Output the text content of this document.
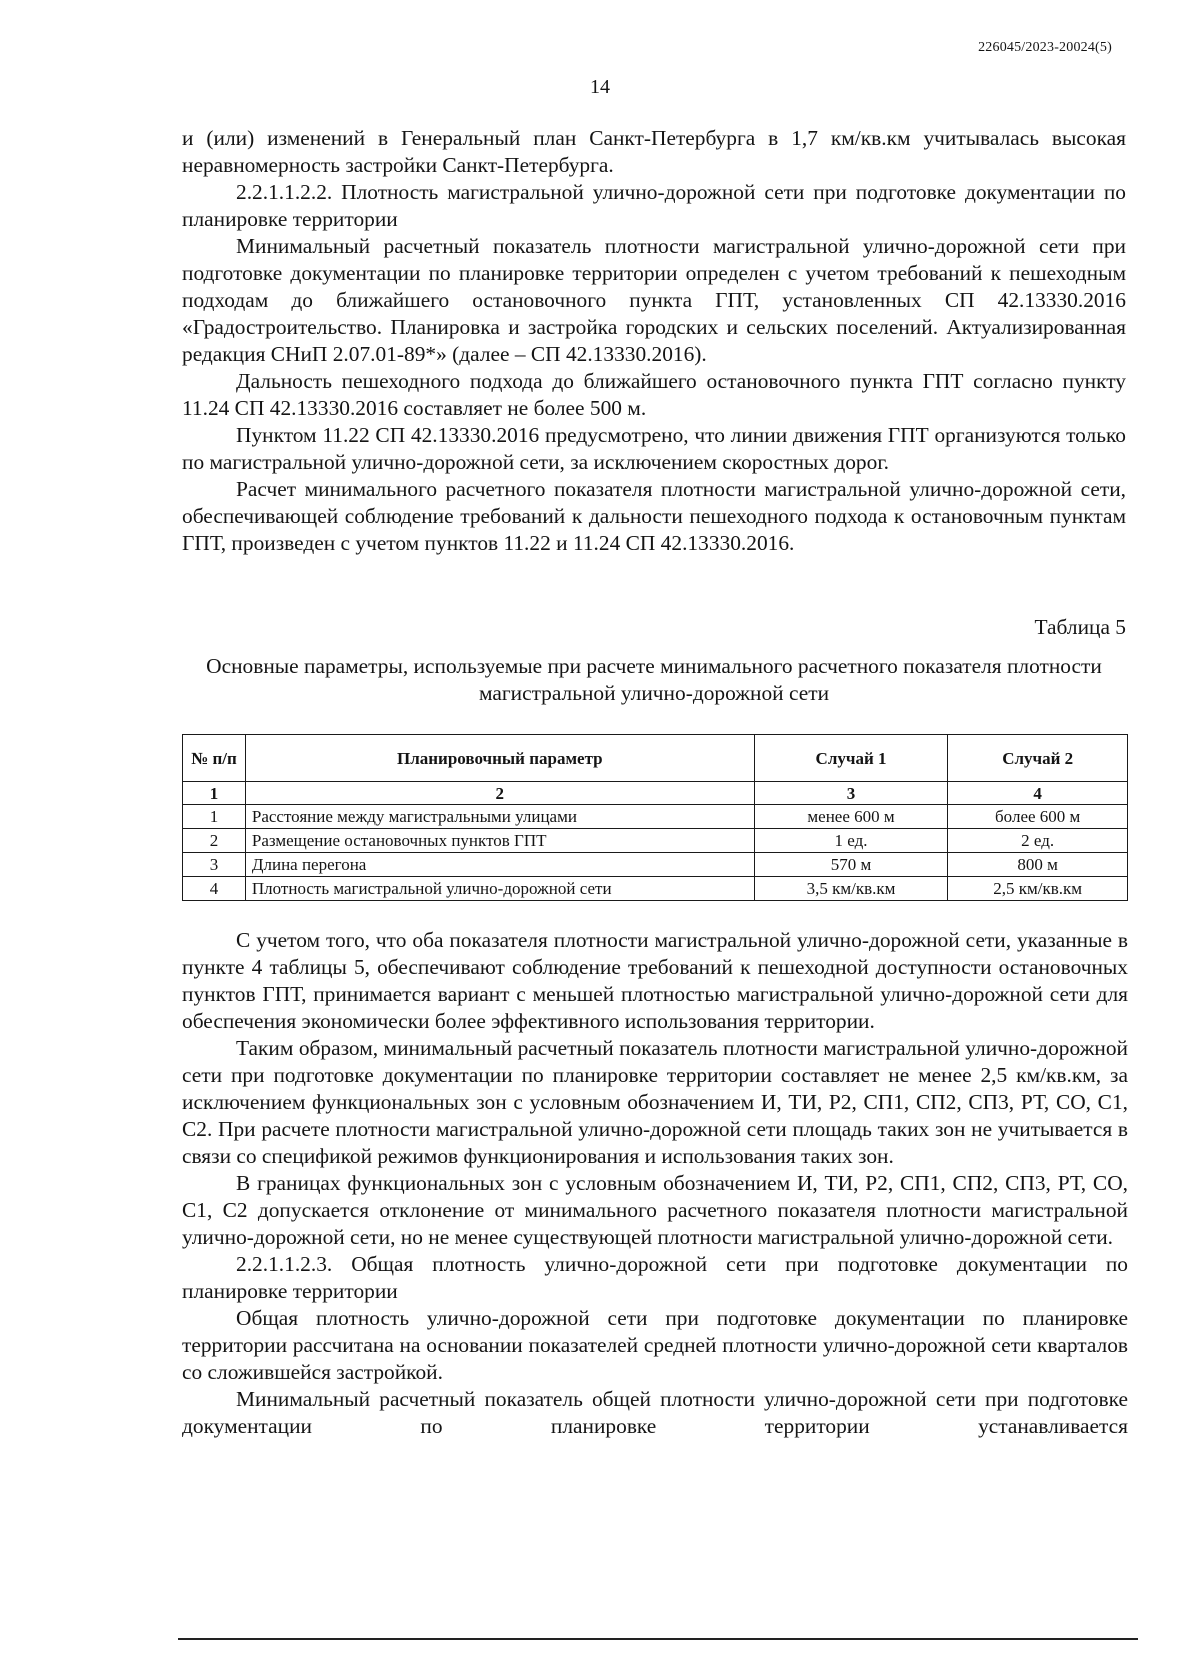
226045/2023-20024(5)
14

и (или) изменений в Генеральный план Санкт-Петербурга в 1,7 км/кв.км учитывалась высокая неравномерность застройки Санкт-Петербурга.

2.2.1.1.2.2. Плотность магистральной улично-дорожной сети при подготовке документации по планировке территории

Минимальный расчетный показатель плотности магистральной улично-дорожной сети при подготовке документации по планировке территории определен с учетом требований к пешеходным подходам до ближайшего остановочного пункта ГПТ, установленных СП 42.13330.2016 «Градостроительство. Планировка и застройка городских и сельских поселений. Актуализированная редакция СНиП 2.07.01-89*» (далее – СП 42.13330.2016).

Дальность пешеходного подхода до ближайшего остановочного пункта ГПТ согласно пункту 11.24 СП 42.13330.2016 составляет не более 500 м.

Пунктом 11.22 СП 42.13330.2016 предусмотрено, что линии движения ГПТ организуются только по магистральной улично-дорожной сети, за исключением скоростных дорог.

Расчет минимального расчетного показателя плотности магистральной улично-дорожной сети, обеспечивающей соблюдение требований к дальности пешеходного подхода к остановочным пунктам ГПТ, произведен с учетом пунктов 11.22 и 11.24 СП 42.13330.2016.

Таблица 5
Основные параметры, используемые при расчете минимального расчетного показателя плотности магистральной улично-дорожной сети
№ п/п	Планировочный параметр	Случай 1	Случай 2
1	2	3	4
1	Расстояние между магистральными улицами	менее 600 м	более 600 м
2	Размещение остановочных пунктов ГПТ	1 ед.	2 ед.
3	Длина перегона	570 м	800 м
4	Плотность магистральной улично-дорожной сети	3,5 км/кв.км	2,5 км/кв.км

С учетом того, что оба показателя плотности магистральной улично-дорожной сети, указанные в пункте 4 таблицы 5, обеспечивают соблюдение требований к пешеходной доступности остановочных пунктов ГПТ, принимается вариант с меньшей плотностью магистральной улично-дорожной сети для обеспечения экономически более эффективного использования территории.

Таким образом, минимальный расчетный показатель плотности магистральной улично-дорожной сети при подготовке документации по планировке территории составляет не менее 2,5 км/кв.км, за исключением функциональных зон с условным обозначением И, ТИ, Р2, СП1, СП2, СП3, РТ, СО, С1, С2. При расчете плотности магистральной улично-дорожной сети площадь таких зон не учитывается в связи со спецификой режимов функционирования и использования таких зон.

В границах функциональных зон с условным обозначением И, ТИ, Р2, СП1, СП2, СП3, РТ, СО, С1, С2 допускается отклонение от минимального расчетного показателя плотности магистральной улично-дорожной сети, но не менее существующей плотности магистральной улично-дорожной сети.

2.2.1.1.2.3. Общая плотность улично-дорожной сети при подготовке документации по планировке территории

Общая плотность улично-дорожной сети при подготовке документации по планировке территории рассчитана на основании показателей средней плотности улично-дорожной сети кварталов со сложившейся застройкой.

Минимальный расчетный показатель общей плотности улично-дорожной сети при подготовке документации по планировке территории устанавливается
